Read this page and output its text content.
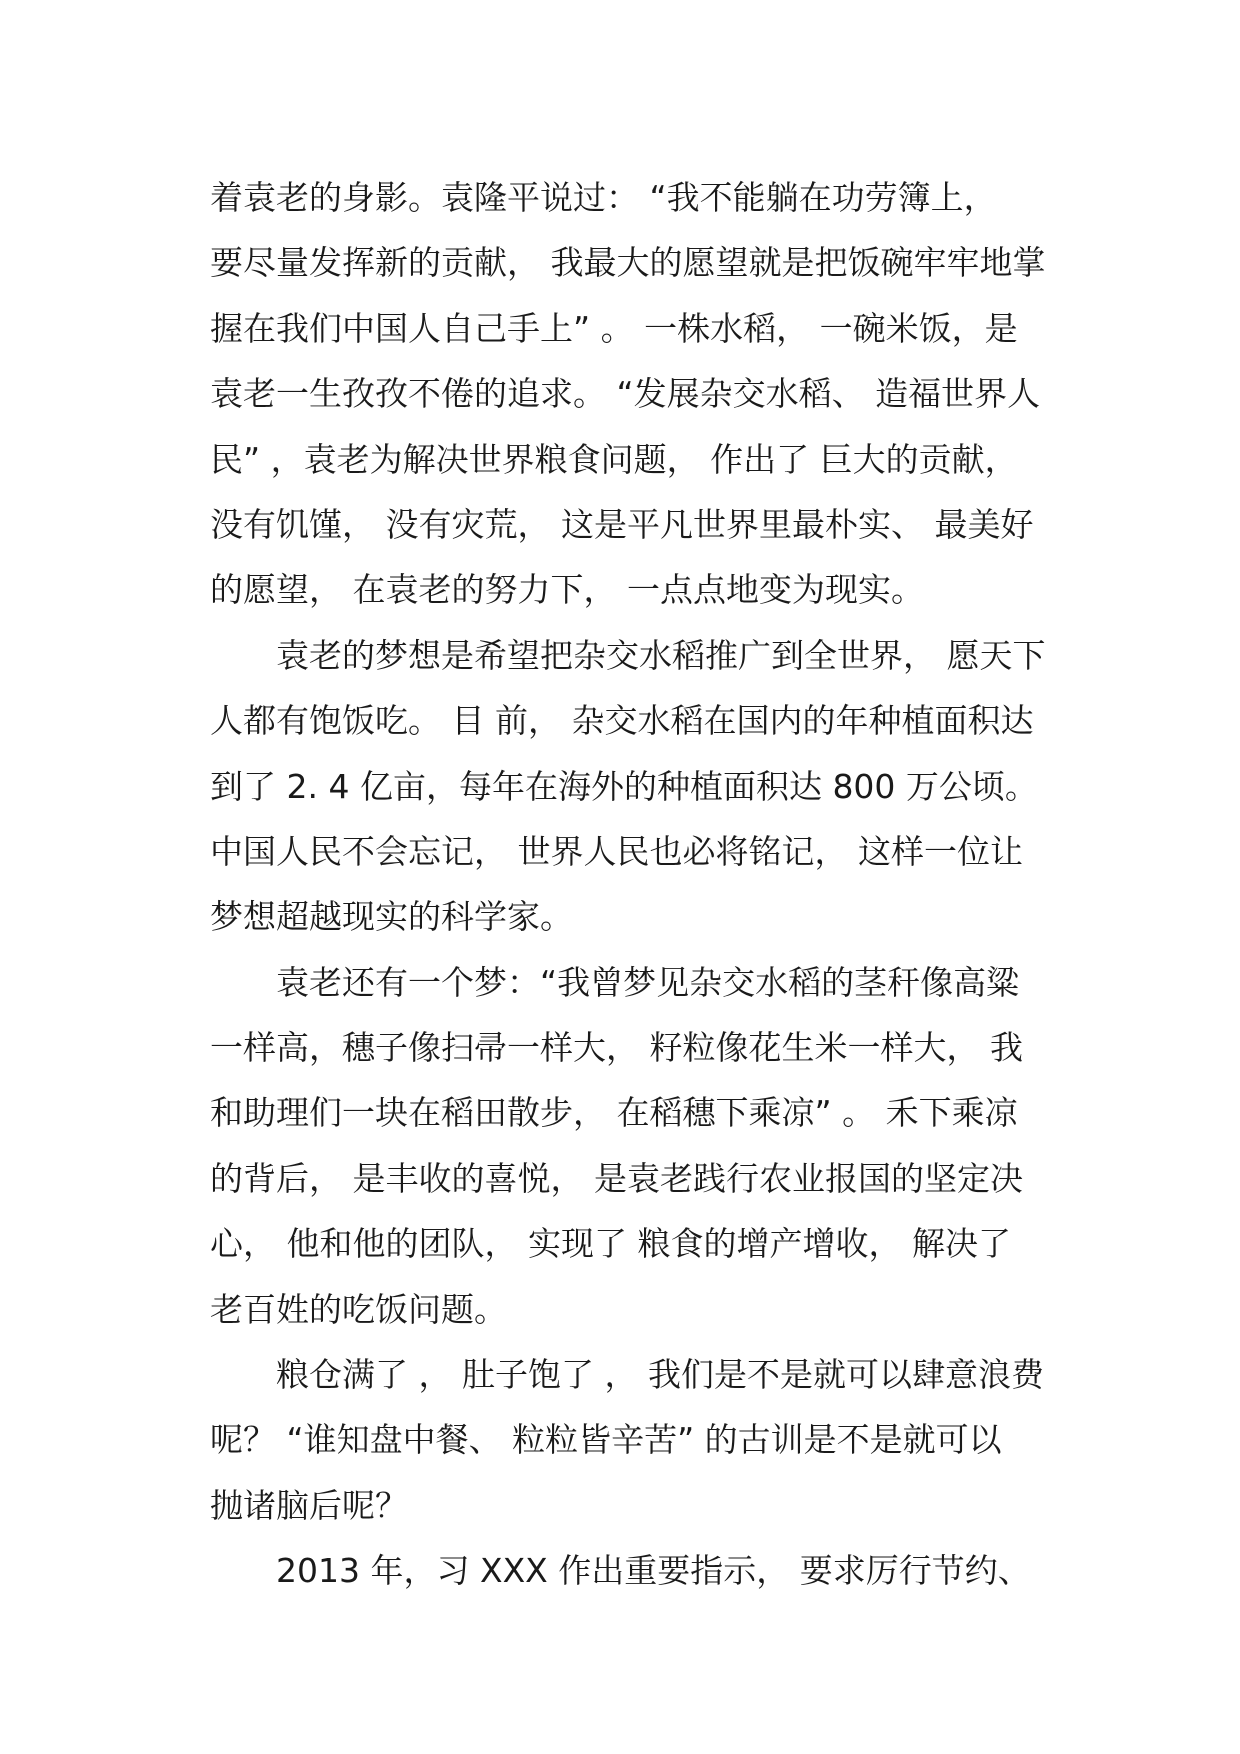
着袁老的身影。袁隆平说过： “我不能躺在功劳簿上，
要尽量发挥新的贡献， 我最大的愿望就是把饭碗牢牢地掌
握在我们中国人自己手上” 。 一株水稻， 一碗米饭，是
袁老一生孜孜不倦的追求。 “发展杂交水稻、 造福世界人
民” ，袁老为解决世界粮食问题， 作出了 巨大的贡献，
没有饥馑， 没有灾荒， 这是平凡世界里最朴实、 最美好
的愿望， 在袁老的努力下， 一点点地变为现实。
袁老的梦想是希望把杂交水稻推广到全世界， 愿天下
人都有饱饭吃。 目 前， 杂交水稻在国内的年种植面积达
到了 2. 4 亿亩，每年在海外的种植面积达 800 万公顷。
中国人民不会忘记， 世界人民也必将铭记， 这样一位让
梦想超越现实的科学家。
袁老还有一个梦：“我曾梦见杂交水稻的茎秆像高粱
一样高，穗子像扫帚一样大， 籽粒像花生米一样大， 我
和助理们一块在稻田散步， 在稻穗下乘凉” 。 禾下乘凉
的背后， 是丰收的喜悦， 是袁老践行农业报国的坚定决
心， 他和他的团队， 实现了 粮食的增产增收， 解决了
老百姓的吃饭问题。
粮仓满了 ， 肚子饱了 ， 我们是不是就可以肆意浪费
呢？ “谁知盘中餐、 粒粒皆辛苦” 的古训是不是就可以
抛诸脑后呢？
2013 年，习 XXX 作出重要指示， 要求厉行节约、
